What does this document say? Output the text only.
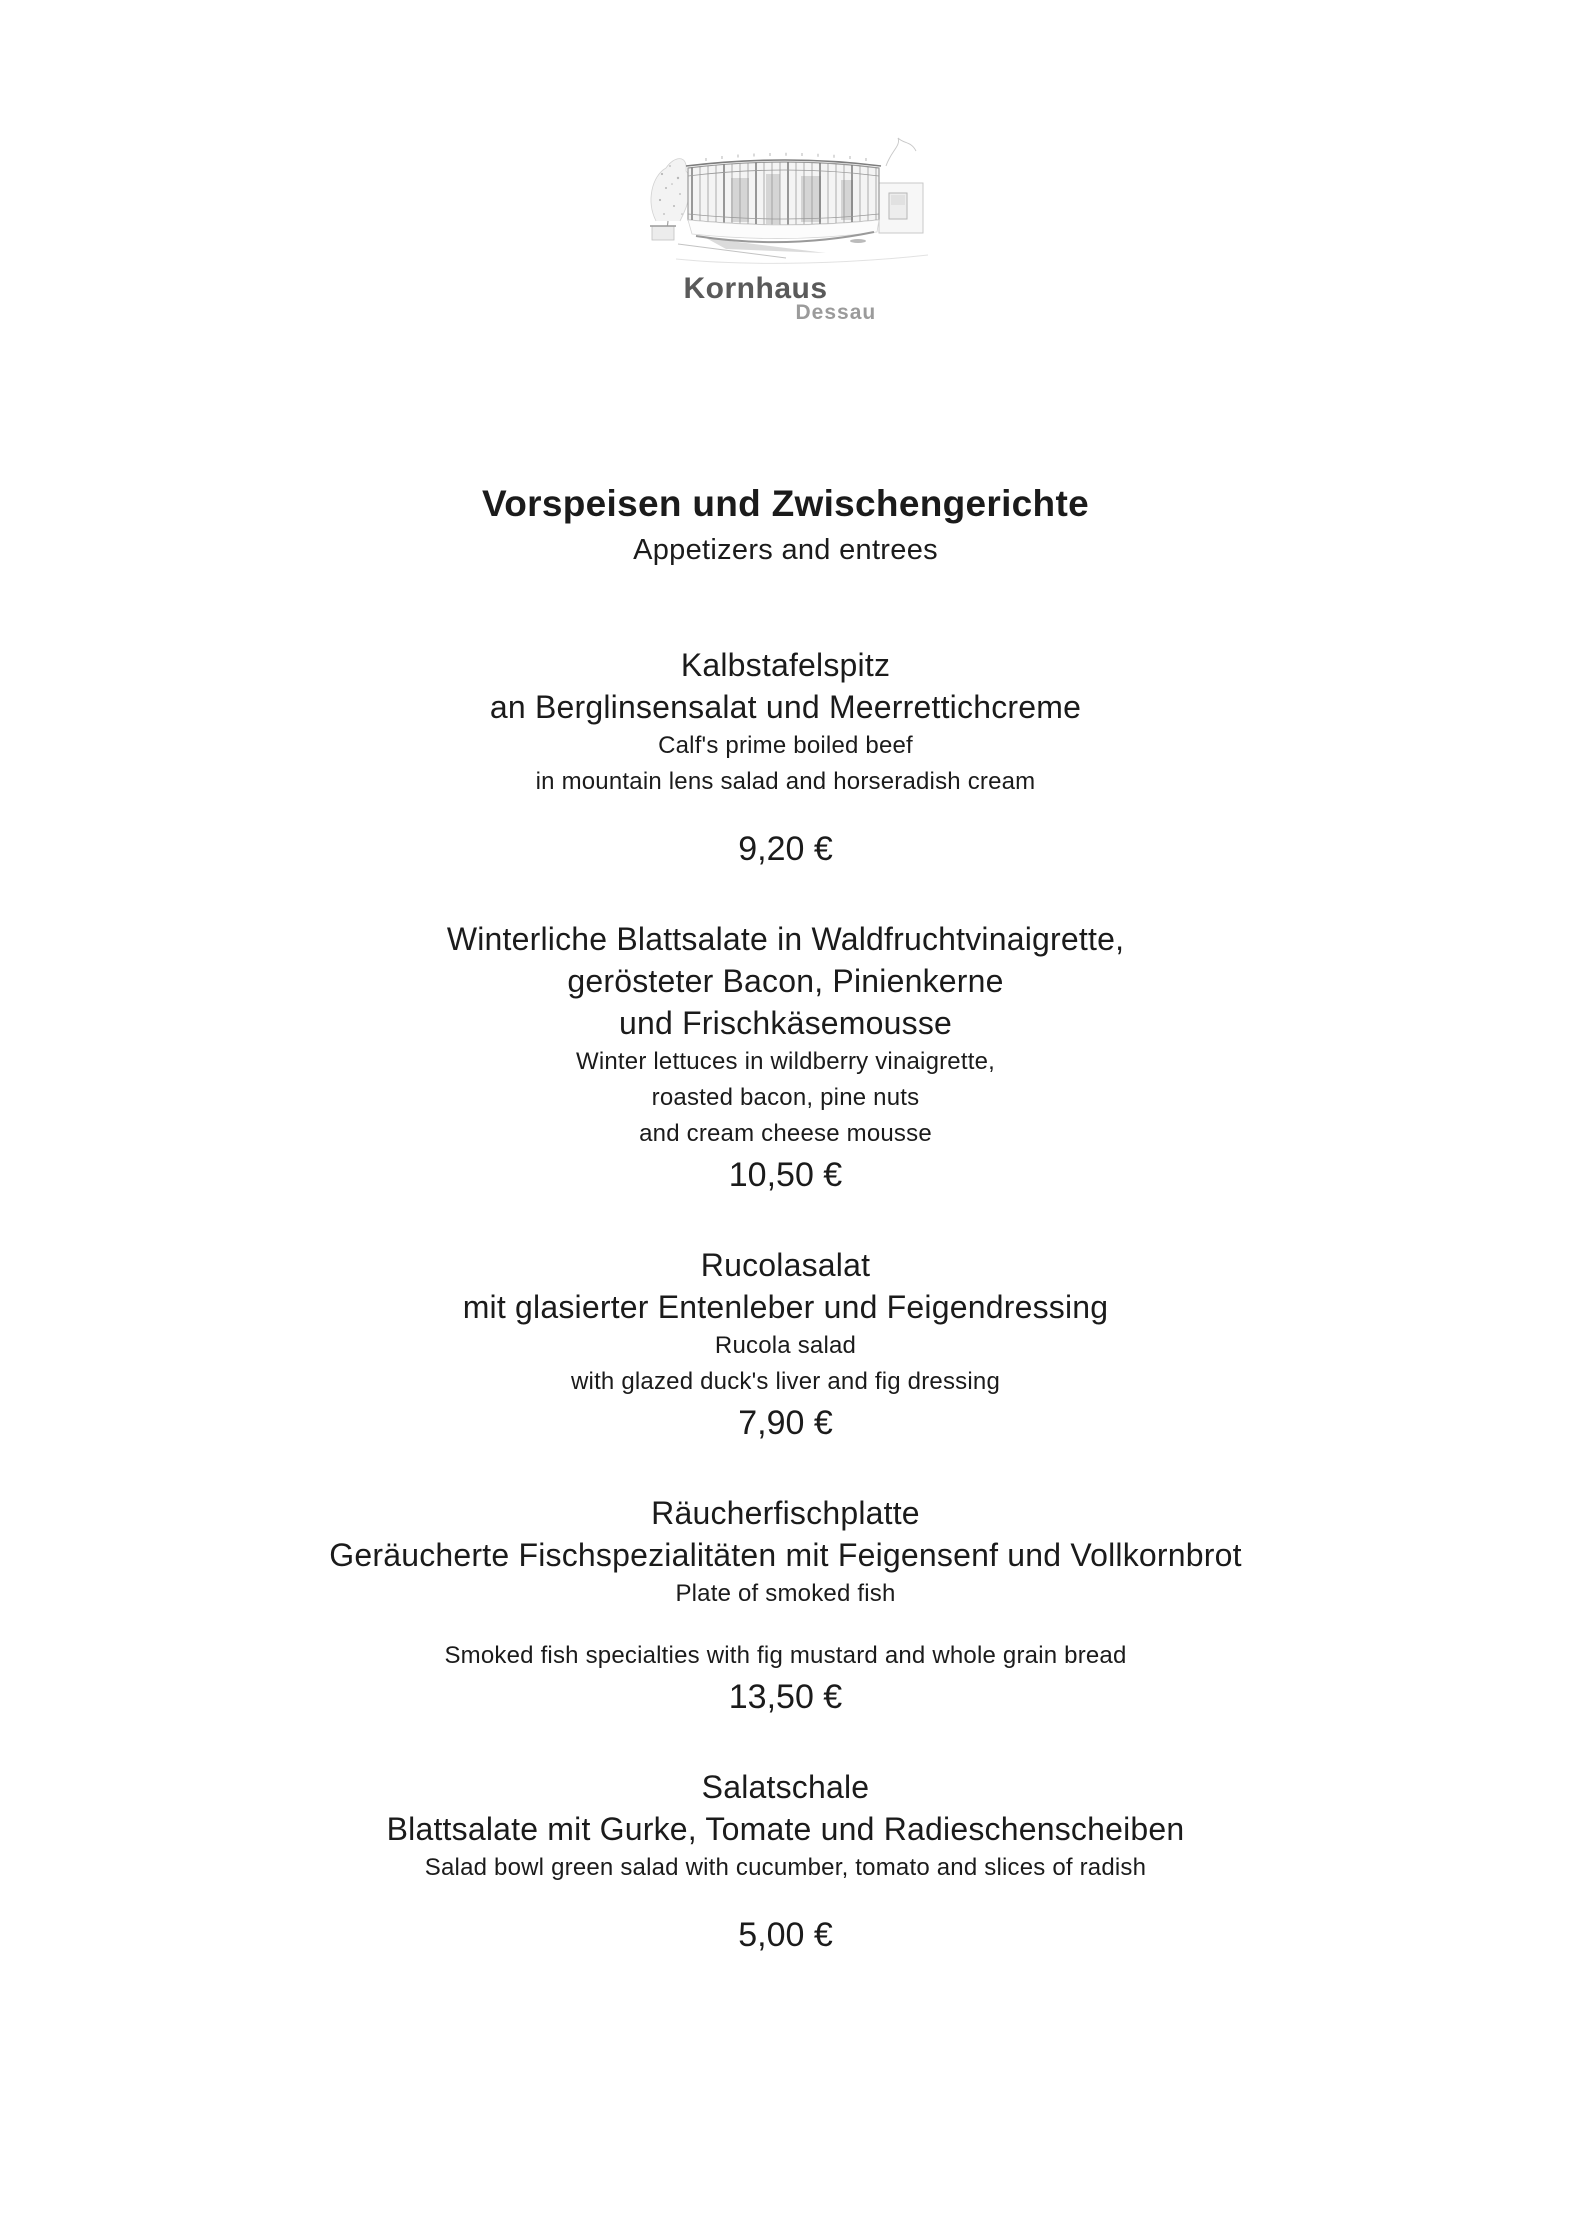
Kornhaus
Dessau
Vorspeisen und Zwischengerichte
Appetizers and entrees
Kalbstafelspitz
an Berglinsensalat und Meerrettichcreme
Calf's prime boiled beef
in mountain lens salad and horseradish cream
9,20 €
Winterliche Blattsalate in Waldfruchtvinaigrette,
gerösteter Bacon, Pinienkerne
und Frischkäsemousse
Winter lettuces in wildberry vinaigrette,
roasted bacon, pine nuts
and cream cheese mousse
10,50 €
Rucolasalat
mit glasierter Entenleber und Feigendressing
Rucola salad
with glazed duck's liver and fig dressing
7,90 €
Räucherfischplatte
Geräucherte Fischspezialitäten mit Feigensenf und Vollkornbrot
Plate of smoked fish
Smoked fish specialties with fig mustard and whole grain bread
13,50 €
Salatschale
Blattsalate mit Gurke, Tomate und Radieschenscheiben
Salad bowl green salad with cucumber, tomato and slices of radish
5,00 €
